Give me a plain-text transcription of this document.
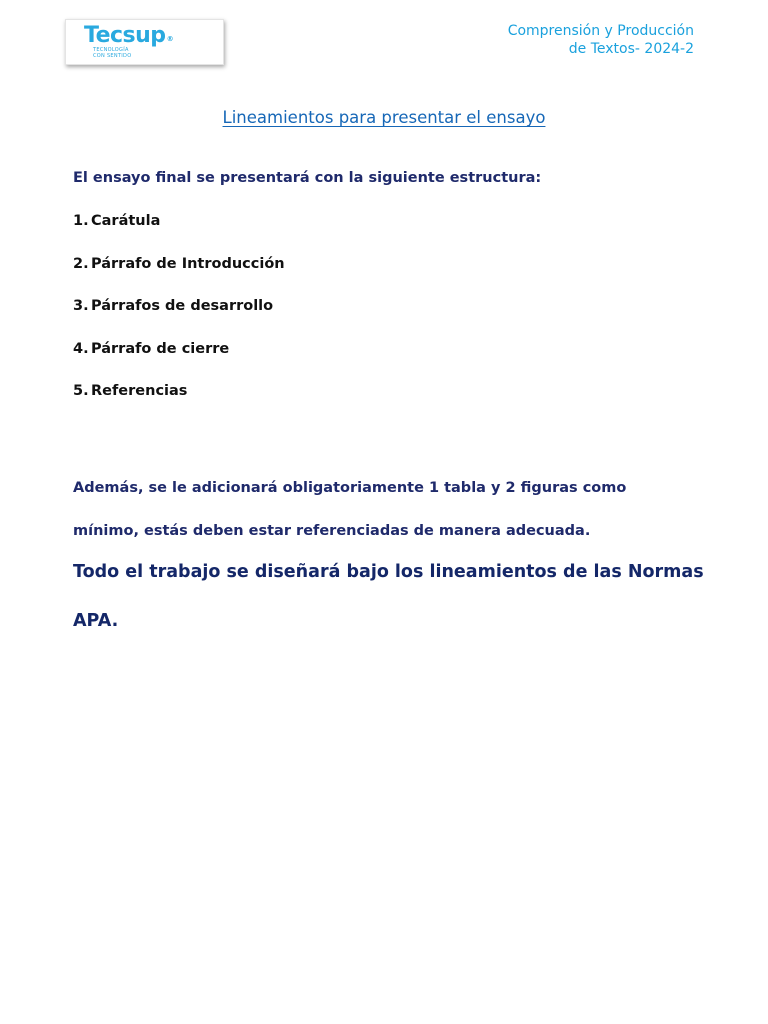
Tecsup®
TECNOLOGÍA
CON SENTIDO
Comprensión y Producción
de Textos- 2024-2
Lineamientos para presentar el ensayo
El ensayo final se presentará con la siguiente estructura:
1. Carátula
2. Párrafo de Introducción
3. Párrafos de desarrollo
4. Párrafo de cierre
5. Referencias
Además, se le adicionará obligatoriamente 1 tabla y 2 figuras como mínimo, estás deben estar referenciadas de manera adecuada.
Todo el trabajo se diseñará bajo los lineamientos de las Normas APA.
